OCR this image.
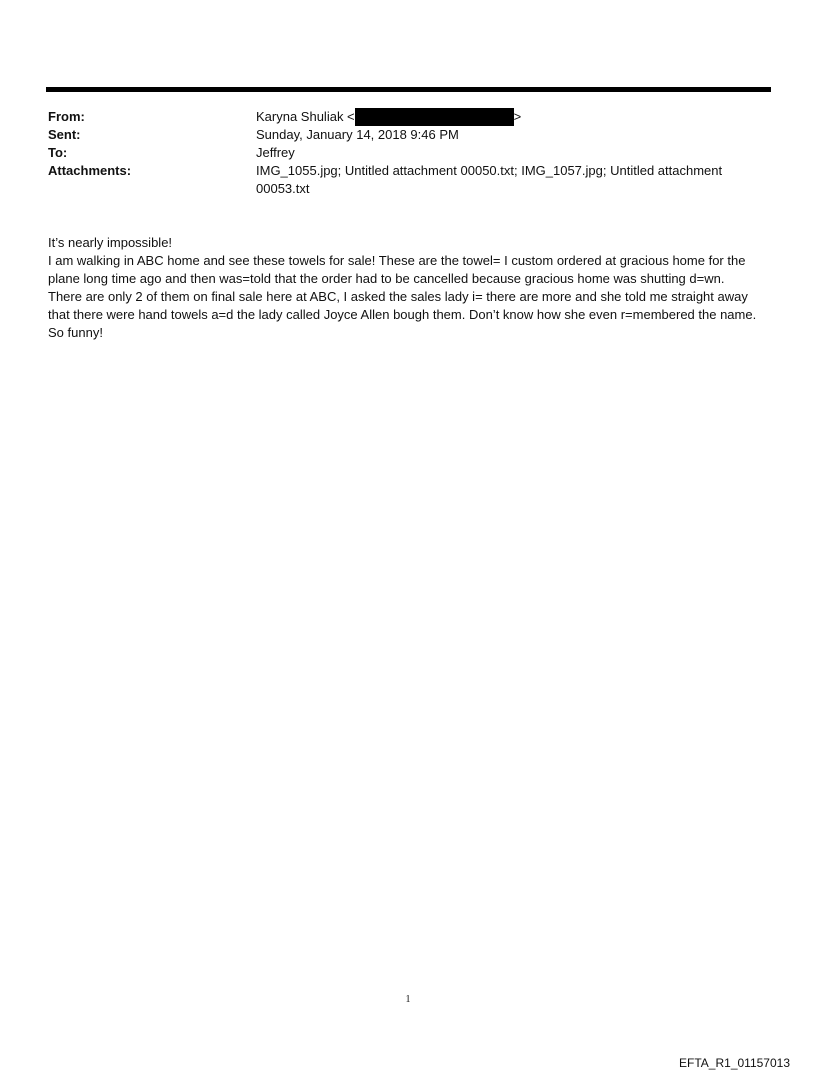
From:	Karyna Shuliak <	>
Sent:	Sunday, January 14, 2018 9:46 PM
To:	Jeffrey
Attachments:	IMG_1055.jpg; Untitled attachment 00050.txt; IMG_1057.jpg; Untitled attachment 00053.txt

It’s nearly impossible!

I am walking in ABC home and see these towels for sale! These are the towel= I custom ordered at gracious home for the plane long time ago and then was=told that the order had to be cancelled because gracious home was shutting d=wn.

There are only 2 of them on final sale here at ABC, I asked the sales lady i= there are more and she told me straight away that there were hand towels a=d the lady called Joyce Allen bough them. Don’t know how she even r=membered the name.

So funny!

1
EFTA_R1_01157013
